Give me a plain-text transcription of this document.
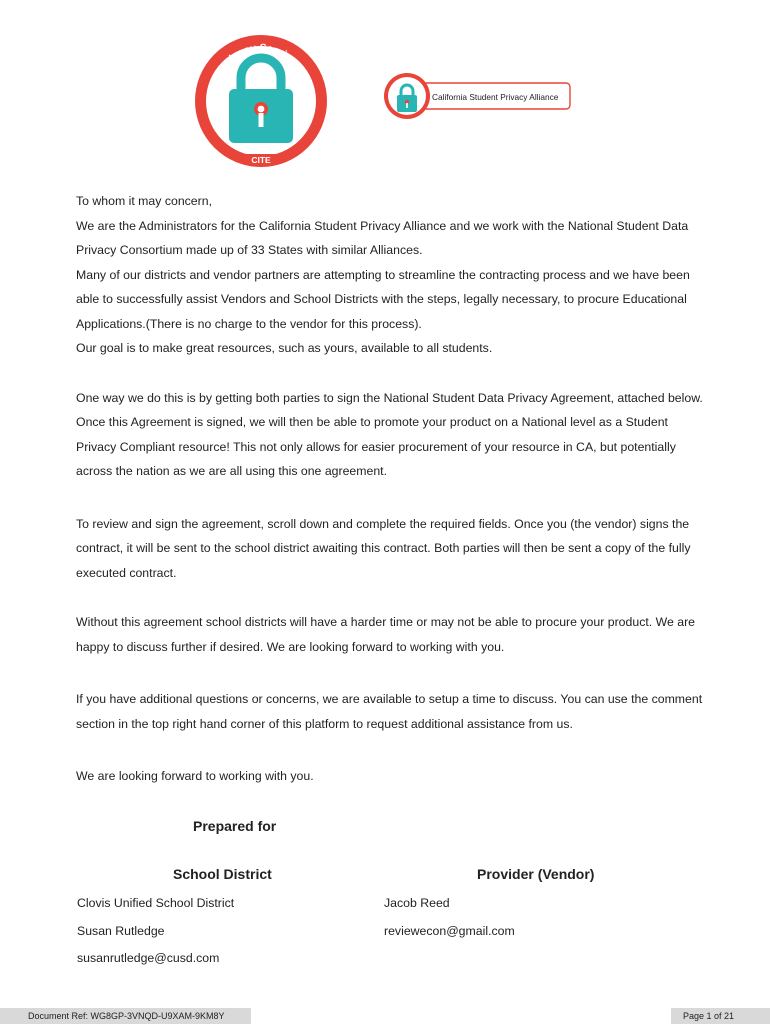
Privacy Services
CITE
California Student Privacy Alliance

To whom it may concern,

We are the Administrators for the California Student Privacy Alliance and we work with the National Student Data Privacy Consortium made up of 33 States with similar Alliances.

Many of our districts and vendor partners are attempting to streamline the contracting process and we have been able to successfully assist Vendors and School Districts with the steps, legally necessary, to procure Educational Applications.(There is no charge to the vendor for this process).

Our goal is to make great resources, such as yours, available to all students.

One way we do this is by getting both parties to sign the National Student Data Privacy Agreement, attached below. Once this Agreement is signed, we will then be able to promote your product on a National level as a Student Privacy Compliant resource! This not only allows for easier procurement of your resource in CA, but potentially across the nation as we are all using this one agreement.

To review and sign the agreement, scroll down and complete the required fields. Once you (the vendor) signs the contract, it will be sent to the school district awaiting this contract. Both parties will then be sent a copy of the fully executed contract.

Without this agreement school districts will have a harder time or may not be able to procure your product. We are happy to discuss further if desired. We are looking forward to working with you.

If you have additional questions or concerns, we are available to setup a time to discuss. You can use the comment section in the top right hand corner of this platform to request additional assistance from us.

We are looking forward to working with you.

Prepared for
School District	Provider (Vendor)
Clovis Unified School District
Susan Rutledge
susanrutledge@cusd.com
Jacob Reed
reviewecon@gmail.com
Document Ref: WG8GP-3VNQD-U9XAM-9KM8Y	Page 1 of 21
